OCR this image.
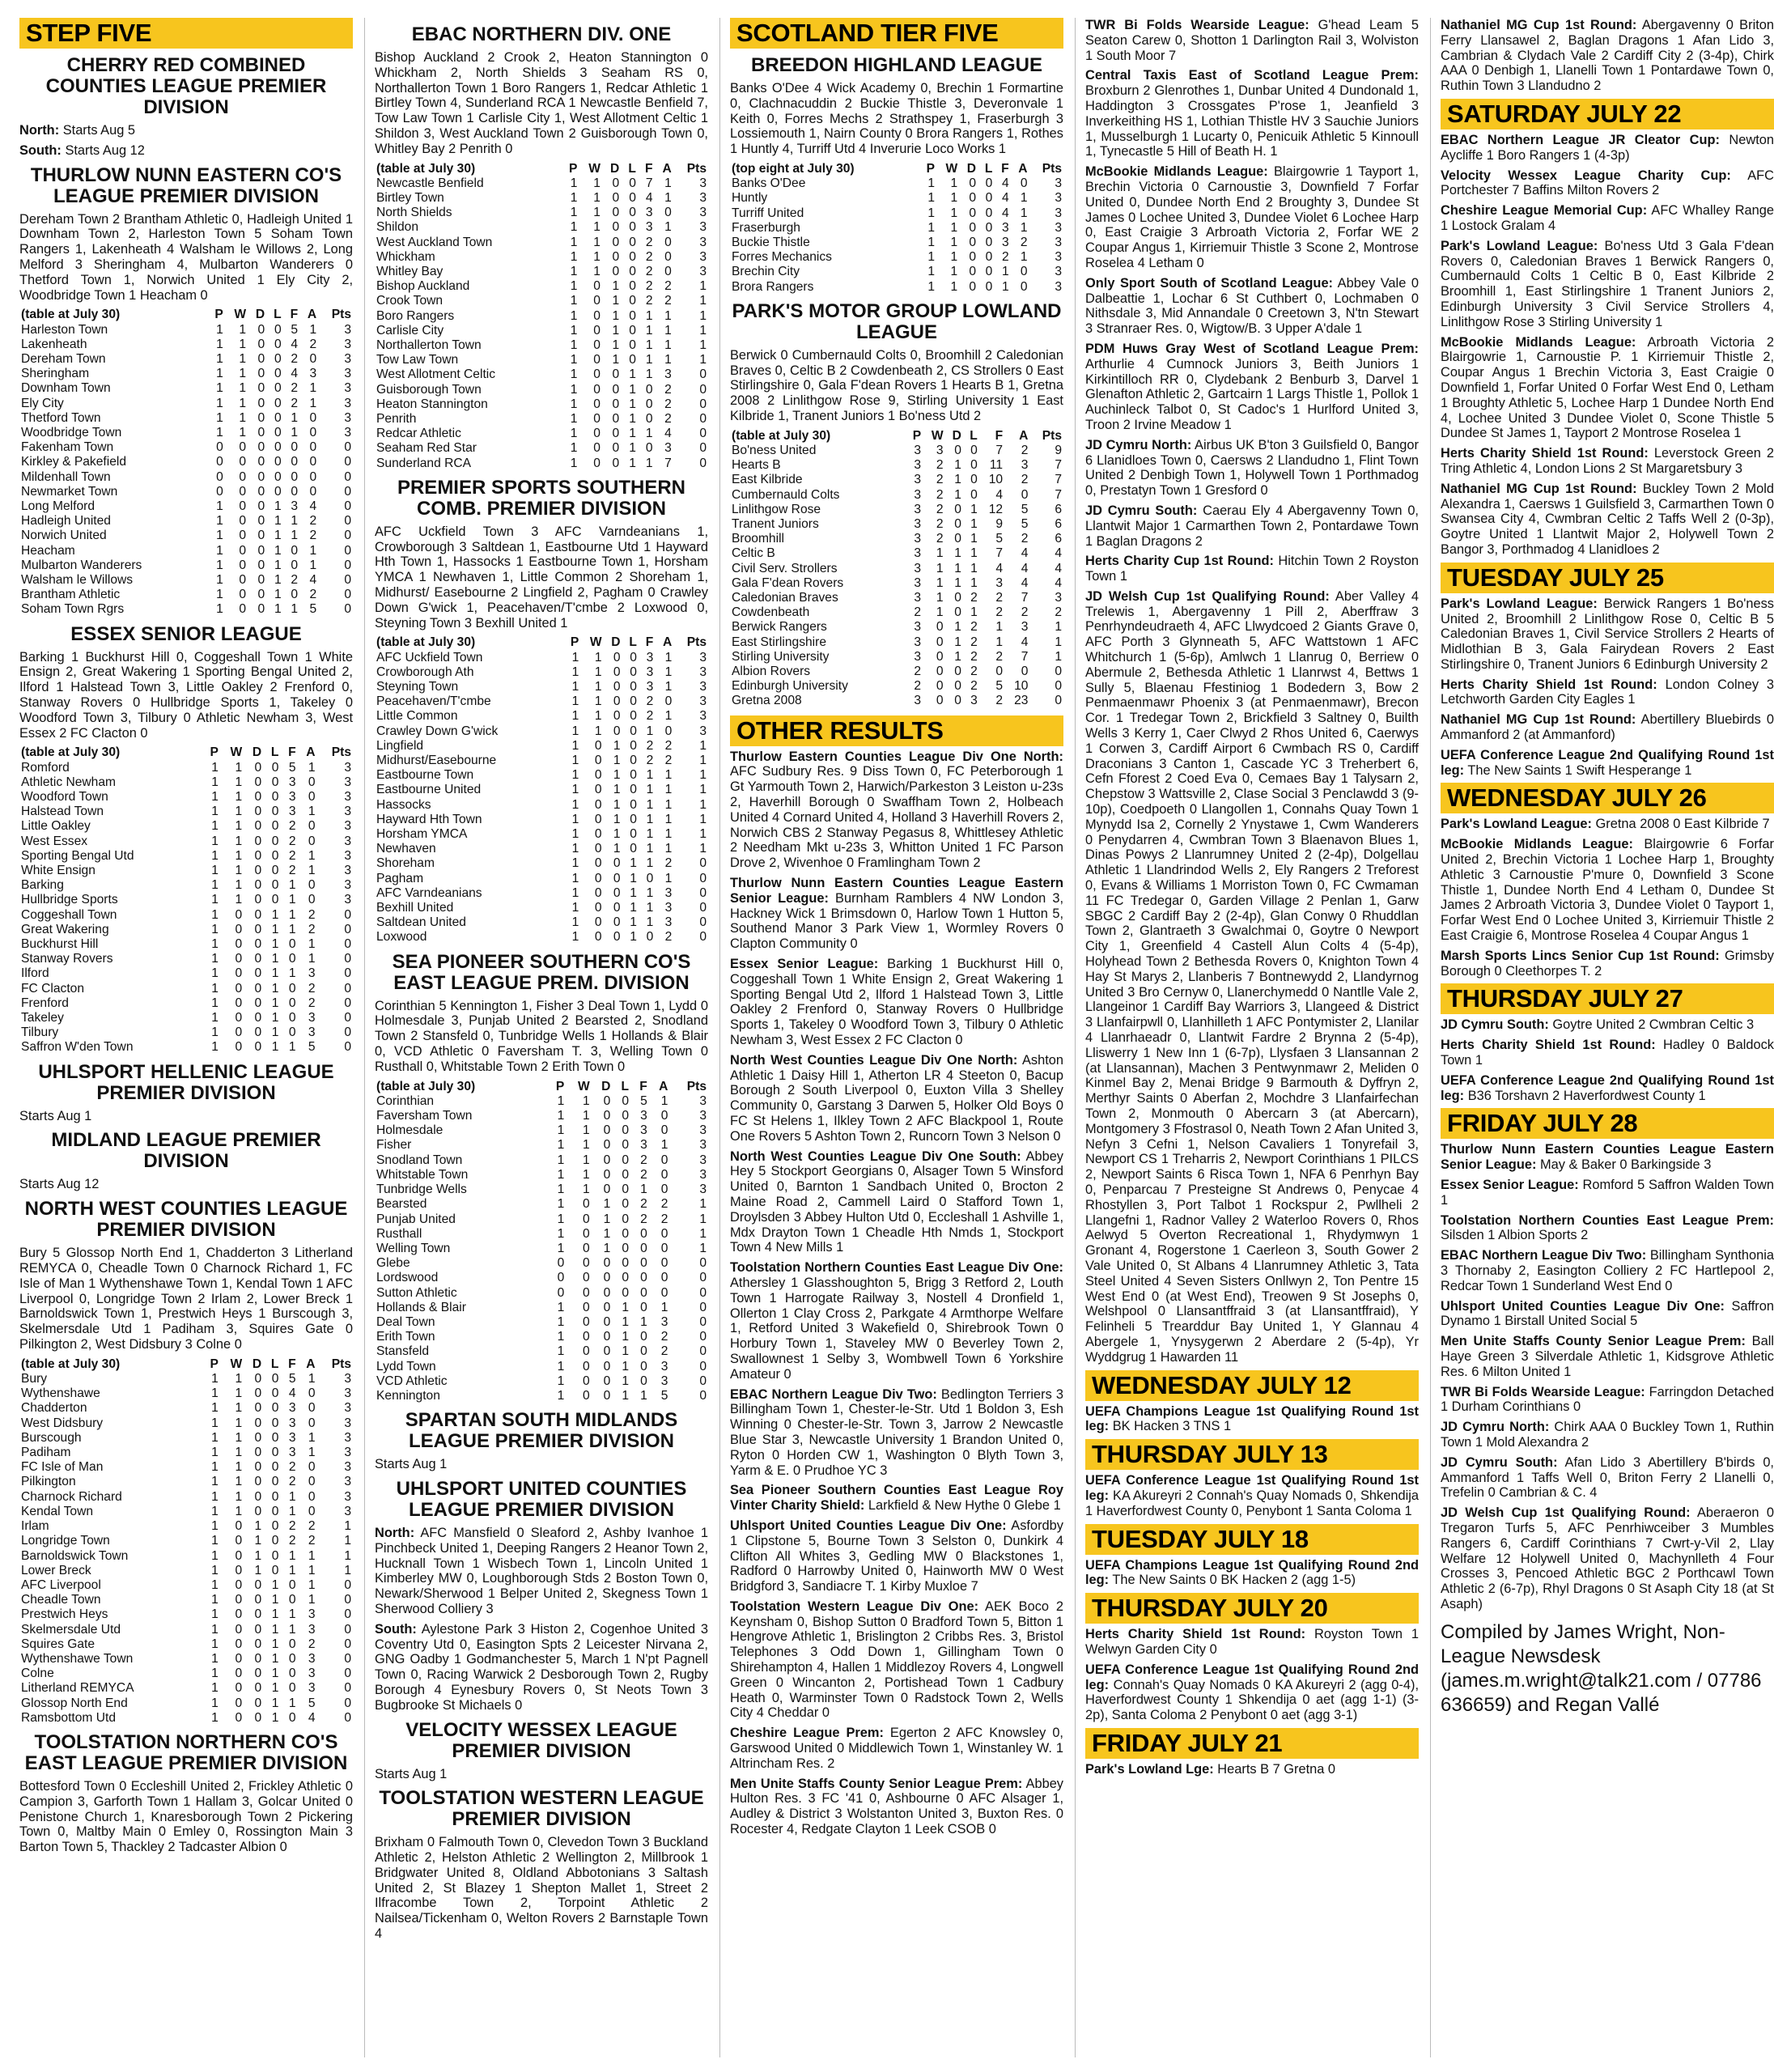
STEP FIVE
CHERRY RED COMBINED COUNTIES LEAGUE PREMIER DIVISION
North: Starts Aug 5
South: Starts Aug 12
THURLOW NUNN EASTERN CO'S LEAGUE PREMIER DIVISION
Dereham Town 2 Brantham Athletic 0, Hadleigh United 1 Downham Town 2, Harleston Town 5 Soham Town Rangers 1, Lakenheath 4 Walsham le Willows 2, Long Melford 3 Sheringham 4, Mulbarton Wanderers 0 Thetford Town 1, Norwich United 1 Ely City 2, Woodbridge Town 1 Heacham 0
(table at July 30)	P	W	D	L	F	A	Pts
Harleston Town	1	1	0	0	5	1	3
Lakenheath	1	1	0	0	4	2	3
Dereham Town	1	1	0	0	2	0	3
Sheringham	1	1	0	0	4	3	3
Downham Town	1	1	0	0	2	1	3
Ely City	1	1	0	0	2	1	3
Thetford Town	1	1	0	0	1	0	3
Woodbridge Town	1	1	0	0	1	0	3
Fakenham Town	0	0	0	0	0	0	0
Kirkley & Pakefield	0	0	0	0	0	0	0
Mildenhall Town	0	0	0	0	0	0	0
Newmarket Town	0	0	0	0	0	0	0
Long Melford	1	0	0	1	3	4	0
Hadleigh United	1	0	0	1	1	2	0
Norwich United	1	0	0	1	1	2	0
Heacham	1	0	0	1	0	1	0
Mulbarton Wanderers	1	0	0	1	0	1	0
Walsham le Willows	1	0	0	1	2	4	0
Brantham Athletic	1	0	0	1	0	2	0
Soham Town Rgrs	1	0	0	1	1	5	0
ESSEX SENIOR LEAGUE
Barking 1 Buckhurst Hill 0, Coggeshall Town 1 White Ensign 2, Great Wakering 1 Sporting Bengal United 2, Ilford 1 Halstead Town 3, Little Oakley 2 Frenford 0, Stanway Rovers 0 Hullbridge Sports 1, Takeley 0 Woodford Town 3, Tilbury 0 Athletic Newham 3, West Essex 2 FC Clacton 0
(table at July 30)	P	W	D	L	F	A	Pts
Romford	1	1	0	0	5	1	3
Athletic Newham	1	1	0	0	3	0	3
Woodford Town	1	1	0	0	3	0	3
Halstead Town	1	1	0	0	3	1	3
Little Oakley	1	1	0	0	2	0	3
West Essex	1	1	0	0	2	0	3
Sporting Bengal Utd	1	1	0	0	2	1	3
White Ensign	1	1	0	0	2	1	3
Barking	1	1	0	0	1	0	3
Hullbridge Sports	1	1	0	0	1	0	3
Coggeshall Town	1	0	0	1	1	2	0
Great Wakering	1	0	0	1	1	2	0
Buckhurst Hill	1	0	0	1	0	1	0
Stanway Rovers	1	0	0	1	0	1	0
Ilford	1	0	0	1	1	3	0
FC Clacton	1	0	0	1	0	2	0
Frenford	1	0	0	1	0	2	0
Takeley	1	0	0	1	0	3	0
Tilbury	1	0	0	1	0	3	0
Saffron W'den Town	1	0	0	1	1	5	0
UHLSPORT HELLENIC LEAGUE PREMIER DIVISION
Starts Aug 1
MIDLAND LEAGUE PREMIER DIVISION
Starts Aug 12
NORTH WEST COUNTIES LEAGUE PREMIER DIVISION
Bury 5 Glossop North End 1, Chadderton 3 Litherland REMYCA 0, Cheadle Town 0 Charnock Richard 1, FC Isle of Man 1 Wythenshawe Town 1, Kendal Town 1 AFC Liverpool 0, Longridge Town 2 Irlam 2, Lower Breck 1 Barnoldswick Town 1, Prestwich Heys 1 Burscough 3, Skelmersdale Utd 1 Padiham 3, Squires Gate 0 Pilkington 2, West Didsbury 3 Colne 0
(table at July 30)	P	W	D	L	F	A	Pts
Bury	1	1	0	0	5	1	3
Wythenshawe	1	1	0	0	4	0	3
Chadderton	1	1	0	0	3	0	3
West Didsbury	1	1	0	0	3	0	3
Burscough	1	1	0	0	3	1	3
Padiham	1	1	0	0	3	1	3
FC Isle of Man	1	1	0	0	2	0	3
Pilkington	1	1	0	0	2	0	3
Charnock Richard	1	1	0	0	1	0	3
Kendal Town	1	1	0	0	1	0	3
Irlam	1	0	1	0	2	2	1
Longridge Town	1	0	1	0	2	2	1
Barnoldswick Town	1	0	1	0	1	1	1
Lower Breck	1	0	1	0	1	1	1
AFC Liverpool	1	0	0	1	0	1	0
Cheadle Town	1	0	0	1	0	1	0
Prestwich Heys	1	0	0	1	1	3	0
Skelmersdale Utd	1	0	0	1	1	3	0
Squires Gate	1	0	0	1	0	2	0
Wythenshawe Town	1	0	0	1	0	3	0
Colne	1	0	0	1	0	3	0
Litherland REMYCA	1	0	0	1	0	3	0
Glossop North End	1	0	0	1	1	5	0
Ramsbottom Utd	1	0	0	1	0	4	0
TOOLSTATION NORTHERN CO'S EAST LEAGUE PREMIER DIVISION
Bottesford Town 0 Eccleshill United 2, Frickley Athletic 0 Campion 3, Garforth Town 1 Hallam 3, Golcar United 0 Penistone Church 1, Knaresborough Town 2 Pickering Town 0, Maltby Main 0 Emley 0, Rossington Main 3 Barton Town 5, Thackley 2 Tadcaster Albion 0
EBAC NORTHERN DIV. ONE
Bishop Auckland 2 Crook 2, Heaton Stannington 0 Whickham 2, North Shields 3 Seaham RS 0, Northallerton Town 1 Boro Rangers 1, Redcar Athletic 1 Birtley Town 4, Sunderland RCA 1 Newcastle Benfield 7, Tow Law Town 1 Carlisle City 1, West Allotment Celtic 1 Shildon 3, West Auckland Town 2 Guisborough Town 0, Whitley Bay 2 Penrith 0
(table at July 30)	P	W	D	L	F	A	Pts
Newcastle Benfield	1	1	0	0	7	1	3
Birtley Town	1	1	0	0	4	1	3
North Shields	1	1	0	0	3	0	3
Shildon	1	1	0	0	3	1	3
West Auckland Town	1	1	0	0	2	0	3
Whickham	1	1	0	0	2	0	3
Whitley Bay	1	1	0	0	2	0	3
Bishop Auckland	1	0	1	0	2	2	1
Crook Town	1	0	1	0	2	2	1
Boro Rangers	1	0	1	0	1	1	1
Carlisle City	1	0	1	0	1	1	1
Northallerton Town	1	0	1	0	1	1	1
Tow Law Town	1	0	1	0	1	1	1
West Allotment Celtic	1	0	0	1	1	3	0
Guisborough Town	1	0	0	1	0	2	0
Heaton Stannington	1	0	0	1	0	2	0
Penrith	1	0	0	1	0	2	0
Redcar Athletic	1	0	0	1	1	4	0
Seaham Red Star	1	0	0	1	0	3	0
Sunderland RCA	1	0	0	1	1	7	0
PREMIER SPORTS SOUTHERN COMB. PREMIER DIVISION
AFC Uckfield Town 3 AFC Varndeanians 1, Crowborough 3 Saltdean 1, Eastbourne Utd 1 Hayward Hth Town 1, Hassocks 1 Eastbourne Town 1, Horsham YMCA 1 Newhaven 1, Little Common 2 Shoreham 1, Midhurst/ Easebourne 2 Lingfield 2, Pagham 0 Crawley Down G'wick 1, Peacehaven/T'cmbe 2 Loxwood 0, Steyning Town 3 Bexhill United 1
(table at July 30)	P	W	D	L	F	A	Pts
AFC Uckfield Town	1	1	0	0	3	1	3
Crowborough Ath	1	1	0	0	3	1	3
Steyning Town	1	1	0	0	3	1	3
Peacehaven/T'cmbe	1	1	0	0	2	0	3
Little Common	1	1	0	0	2	1	3
Crawley Down G'wick	1	1	0	0	1	0	3
Lingfield	1	0	1	0	2	2	1
Midhurst/Easebourne	1	0	1	0	2	2	1
Eastbourne Town	1	0	1	0	1	1	1
Eastbourne United	1	0	1	0	1	1	1
Hassocks	1	0	1	0	1	1	1
Hayward Hth Town	1	0	1	0	1	1	1
Horsham YMCA	1	0	1	0	1	1	1
Newhaven	1	0	1	0	1	1	1
Shoreham	1	0	0	1	1	2	0
Pagham	1	0	0	1	0	1	0
AFC Varndeanians	1	0	0	1	1	3	0
Bexhill United	1	0	0	1	1	3	0
Saltdean United	1	0	0	1	1	3	0
Loxwood	1	0	0	1	0	2	0
SEA PIONEER SOUTHERN CO'S EAST LEAGUE PREM. DIVISION
Corinthian 5 Kennington 1, Fisher 3 Deal Town 1, Lydd 0 Holmesdale 3, Punjab United 2 Bearsted 2, Snodland Town 2 Stansfeld 0, Tunbridge Wells 1 Hollands & Blair 0, VCD Athletic 0 Faversham T. 3, Welling Town 0 Rusthall 0, Whitstable Town 2 Erith Town 0
(table at July 30)	P	W	D	L	F	A	Pts
Corinthian	1	1	0	0	5	1	3
Faversham Town	1	1	0	0	3	0	3
Holmesdale	1	1	0	0	3	0	3
Fisher	1	1	0	0	3	1	3
Snodland Town	1	1	0	0	2	0	3
Whitstable Town	1	1	0	0	2	0	3
Tunbridge Wells	1	1	0	0	1	0	3
Bearsted	1	0	1	0	2	2	1
Punjab United	1	0	1	0	2	2	1
Rusthall	1	0	1	0	0	0	1
Welling Town	1	0	1	0	0	0	1
Glebe	0	0	0	0	0	0	0
Lordswood	0	0	0	0	0	0	0
Sutton Athletic	0	0	0	0	0	0	0
Hollands & Blair	1	0	0	1	0	1	0
Deal Town	1	0	0	1	1	3	0
Erith Town	1	0	0	1	0	2	0
Stansfeld	1	0	0	1	0	2	0
Lydd Town	1	0	0	1	0	3	0
VCD Athletic	1	0	0	1	0	3	0
Kennington	1	0	0	1	1	5	0
SPARTAN SOUTH MIDLANDS LEAGUE PREMIER DIVISION
Starts Aug 1
UHLSPORT UNITED COUNTIES LEAGUE PREMIER DIVISION
North: AFC Mansfield 0 Sleaford 2, Ashby Ivanhoe 1 Pinchbeck United 1, Deeping Rangers 2 Heanor Town 2, Hucknall Town 1 Wisbech Town 1, Lincoln United 1 Kimberley MW 0, Loughborough Stds 2 Boston Town 0, Newark/Sherwood 1 Belper United 2, Skegness Town 1 Sherwood Colliery 3
South: Aylestone Park 3 Histon 2, Cogenhoe United 3 Coventry Utd 0, Easington Spts 2 Leicester Nirvana 2, GNG Oadby 1 Godmanchester 5, March 1 N'pt Pagnell Town 0, Racing Warwick 2 Desborough Town 2, Rugby Borough 4 Eynesbury Rovers 0, St Neots Town 3 Bugbrooke St Michaels 0
VELOCITY WESSEX LEAGUE PREMIER DIVISION
Starts Aug 1
TOOLSTATION WESTERN LEAGUE PREMIER DIVISION
Brixham 0 Falmouth Town 0, Clevedon Town 3 Buckland Athletic 2, Helston Athletic 2 Wellington 2, Millbrook 1 Bridgwater United 8, Oldland Abbotonians 3 Saltash United 2, St Blazey 1 Shepton Mallet 1, Street 2 Ilfracombe Town 2, Torpoint Athletic 2 Nailsea/Tickenham 0, Welton Rovers 2 Barnstaple Town 4
SCOTLAND TIER FIVE
BREEDON HIGHLAND LEAGUE
Banks O'Dee 4 Wick Academy 0, Brechin 1 Formartine 0, Clachnacuddin 2 Buckie Thistle 3, Deveronvale 1 Keith 0, Forres Mechs 2 Strathspey 1, Fraserburgh 3 Lossiemouth 1, Nairn County 0 Brora Rangers 1, Rothes 1 Huntly 4, Turriff Utd 4 Inverurie Loco Works 1
(top eight at July 30)	P	W	D	L	F	A	Pts
Banks O'Dee	1	1	0	0	4	0	3
Huntly	1	1	0	0	4	1	3
Turriff United	1	1	0	0	4	1	3
Fraserburgh	1	1	0	0	3	1	3
Buckie Thistle	1	1	0	0	3	2	3
Forres Mechanics	1	1	0	0	2	1	3
Brechin City	1	1	0	0	1	0	3
Brora Rangers	1	1	0	0	1	0	3
PARK'S MOTOR GROUP LOWLAND LEAGUE
Berwick 0 Cumbernauld Colts 0, Broomhill 2 Caledonian Braves 0, Celtic B 2 Cowdenbeath 2, CS Strollers 0 East Stirlingshire 0, Gala F'dean Rovers 1 Hearts B 1, Gretna 2008 2 Linlithgow Rose 9, Stirling University 1 East Kilbride 1, Tranent Juniors 1 Bo'ness Utd 2
(table at July 30)	P	W	D	L	F	A	Pts
Bo'ness United	3	3	0	0	7	2	9
Hearts B	3	2	1	0	11	3	7
East Kilbride	3	2	1	0	10	2	7
Cumbernauld Colts	3	2	1	0	4	0	7
Linlithgow Rose	3	2	0	1	12	5	6
Tranent Juniors	3	2	0	1	9	5	6
Broomhill	3	2	0	1	5	2	6
Celtic B	3	1	1	1	7	4	4
Civil Serv. Strollers	3	1	1	1	4	4	4
Gala F'dean Rovers	3	1	1	1	3	4	4
Caledonian Braves	3	1	0	2	2	7	3
Cowdenbeath	2	1	0	1	2	2	2
Berwick Rangers	3	0	1	2	1	3	1
East Stirlingshire	3	0	1	2	1	4	1
Stirling University	3	0	1	2	2	7	1
Albion Rovers	2	0	0	2	0	0	0
Edinburgh University	2	0	0	2	5	10	0
Gretna 2008	3	0	0	3	2	23	0
OTHER RESULTS
Thurlow Eastern Counties League Div One North: AFC Sudbury Res. 9 Diss Town 0, FC Peterborough 1 Gt Yarmouth Town 2, Harwich/Parkeston 3 Leiston u-23s 2, Haverhill Borough 0 Swaffham Town 2, Holbeach United 4 Cornard United 4, Holland 3 Haverhill Rovers 2, Norwich CBS 2 Stanway Pegasus 8, Whittlesey Athletic 2 Needham Mkt u-23s 3, Whitton United 1 FC Parson Drove 2, Wivenhoe 0 Framlingham Town 2
Thurlow Nunn Eastern Counties League Eastern Senior League: Burnham Ramblers 4 NW London 3, Hackney Wick 1 Brimsdown 0, Harlow Town 1 Hutton 5, Southend Manor 3 Park View 1, Wormley Rovers 0 Clapton Community 0
Essex Senior League: Barking 1 Buckhurst Hill 0, Coggeshall Town 1 White Ensign 2, Great Wakering 1 Sporting Bengal Utd 2, Ilford 1 Halstead Town 3, Little Oakley 2 Frenford 0, Stanway Rovers 0 Hullbridge Sports 1, Takeley 0 Woodford Town 3, Tilbury 0 Athletic Newham 3, West Essex 2 FC Clacton 0
North West Counties League Div One North: Ashton Athletic 1 Daisy Hill 1, Atherton LR 4 Steeton 0, Bacup Borough 2 South Liverpool 0, Euxton Villa 3 Shelley Community 0, Garstang 3 Darwen 5, Holker Old Boys 0 FC St Helens 1, Ilkley Town 2 AFC Blackpool 1, Route One Rovers 5 Ashton Town 2, Runcorn Town 3 Nelson 0
North West Counties League Div One South: Abbey Hey 5 Stockport Georgians 0, Alsager Town 5 Winsford United 0, Barnton 1 Sandbach United 0, Brocton 2 Maine Road 2, Cammell Laird 0 Stafford Town 1, Droylsden 3 Abbey Hulton Utd 0, Eccleshall 1 Ashville 1, Mdx Drayton Town 1 Cheadle Hth Nmds 1, Stockport Town 4 New Mills 1
Toolstation Northern Counties East League Div One: Athersley 1 Glasshoughton 5, Brigg 3 Retford 2, Louth Town 1 Harrogate Railway 3, Nostell 4 Dronfield 1, Ollerton 1 Clay Cross 2, Parkgate 4 Armthorpe Welfare 1, Retford United 3 Wakefield 0, Shirebrook Town 0 Horbury Town 1, Staveley MW 0 Beverley Town 2, Swallownest 1 Selby 3, Wombwell Town 6 Yorkshire Amateur 0
EBAC Northern League Div Two: Bedlington Terriers 3 Billingham Town 1, Chester-le-Str. Utd 1 Boldon 3, Esh Winning 0 Chester-le-Str. Town 3, Jarrow 2 Newcastle Blue Star 3, Newcastle University 1 Brandon United 0, Ryton 0 Horden CW 1, Washington 0 Blyth Town 3, Yarm & E. 0 Prudhoe YC 3
Sea Pioneer Southern Counties East League Roy Vinter Charity Shield: Larkfield & New Hythe 0 Glebe 1
Uhlsport United Counties League Div One: Asfordby 1 Clipstone 5, Bourne Town 3 Selston 0, Dunkirk 4 Clifton All Whites 3, Gedling MW 0 Blackstones 1, Radford 0 Harrowby United 0, Hainworth MW 0 West Bridgford 3, Sandiacre T. 1 Kirby Muxloe 7
Toolstation Western League Div One: AEK Boco 2 Keynsham 0, Bishop Sutton 0 Bradford Town 5, Bitton 1 Hengrove Athletic 1, Brislington 2 Cribbs Res. 3, Bristol Telephones 3 Odd Down 1, Gillingham Town 0 Shirehampton 4, Hallen 1 Middlezoy Rovers 4, Longwell Green 0 Wincanton 2, Portishead Town 1 Cadbury Heath 0, Warminster Town 0 Radstock Town 2, Wells City 4 Cheddar 0
Cheshire League Prem: Egerton 2 AFC Knowsley 0, Garswood United 0 Middlewich Town 1, Winstanley W. 1 Altrincham Res. 2
Men Unite Staffs County Senior League Prem: Abbey Hulton Res. 3 FC '41 0, Ashbourne 0 AFC Alsager 1, Audley & District 3 Wolstanton United 3, Buxton Res. 0 Rocester 4, Redgate Clayton 1 Leek CSOB 0
TWR Bi Folds Wearside League: G'head Leam 5 Seaton Carew 0, Shotton 1 Darlington Rail 3, Wolviston 1 South Moor 7
Central Taxis East of Scotland League Prem: Broxburn 2 Glenrothes 1, Dunbar United 4 Dundonald 1, Haddington 3 Crossgates P'rose 1, Jeanfield 3 Inverkeithing HS 1, Lothian Thistle HV 3 Sauchie Juniors 1, Musselburgh 1 Lucarty 0, Penicuik Athletic 5 Kinnoull 1, Tynecastle 5 Hill of Beath H. 1
McBookie Midlands League: Blairgowrie 1 Tayport 1, Brechin Victoria 0 Carnoustie 3, Downfield 7 Forfar United 0, Dundee North End 2 Broughty 3, Dundee St James 0 Lochee United 3, Dundee Violet 6 Lochee Harp 0, East Craigie 3 Arbroath Victoria 2, Forfar WE 2 Coupar Angus 1, Kirriemuir Thistle 3 Scone 2, Montrose Roselea 4 Letham 0
Only Sport South of Scotland League: Abbey Vale 0 Dalbeattie 1, Lochar 6 St Cuthbert 0, Lochmaben 0 Nithsdale 3, Mid Annandale 0 Creetown 3, N'tn Stewart 3 Stranraer Res. 0, Wigtow/B. 3 Upper A'dale 1
PDM Huws Gray West of Scotland League Prem: Arthurlie 4 Cumnock Juniors 3, Beith Juniors 1 Kirkintilloch RR 0, Clydebank 2 Benburb 3, Darvel 1 Glenafton Athletic 2, Gartcairn 1 Largs Thistle 1, Pollok 1 Auchinleck Talbot 0, St Cadoc's 1 Hurlford United 3, Troon 2 Irvine Meadow 1
JD Cymru North: Airbus UK B'ton 3 Guilsfield 0, Bangor 6 Llanidloes Town 0, Caersws 2 Llandudno 1, Flint Town United 2 Denbigh Town 1, Holywell Town 1 Porthmadog 0, Prestatyn Town 1 Gresford 0
JD Cymru South: Caerau Ely 4 Abergavenny Town 0, Llantwit Major 1 Carmarthen Town 2, Pontardawe Town 1 Baglan Dragons 2
Herts Charity Cup 1st Round: Hitchin Town 2 Royston Town 1
JD Welsh Cup 1st Qualifying Round: Aber Valley 4 Trelewis 1, Abergavenny 1 Pill 2, Aberffraw 3 Penrhyndeudraeth 4, AFC Llwydcoed 2 Giants Grave 0, AFC Porth 3 Glynneath 5, AFC Wattstown 1 AFC Whitchurch 1 (5-6p), Amlwch 1 Llanrug 0, Berriew 0 Abermule 2, Bethesda Athletic 1 Llanrwst 4, Bettws 1 Sully 5, Blaenau Ffestiniog 1 Bodedern 3, Bow 2 Penmaenmawr Phoenix 3 (at Penmaenmawr), Brecon Cor. 1 Tredegar Town 2, Brickfield 3 Saltney 0, Builth Wells 3 Kerry 1, Caer Clwyd 2 Rhos United 6, Caerwys 1 Corwen 3, Cardiff Airport 6 Cwmbach RS 0, Cardiff Draconians 3 Canton 1, Cascade YC 3 Treherbert 6, Cefn Fforest 2 Coed Eva 0, Cemaes Bay 1 Talysarn 2, Chepstow 3 Wattsville 2, Clase Social 3 Penclawdd 3 (9-10p), Coedpoeth 0 Llangollen 1, Connahs Quay Town 1 Mynydd Isa 2, Cornelly 2 Ynystawe 1, Cwm Wanderers 0 Penydarren 4, Cwmbran Town 3 Blaenavon Blues 1, Dinas Powys 2 Llanrumney United 2 (2-4p), Dolgellau Athletic 1 Llandrindod Wells 2, Ely Rangers 2 Treforest 0, Evans & Williams 1 Morriston Town 0, FC Cwmaman 11 FC Tredegar 0, Garden Village 2 Penlan 1, Garw SBGC 2 Cardiff Bay 2 (2-4p), Glan Conwy 0 Rhuddlan Town 2, Glantraeth 3 Gwalchmai 0, Goytre 0 Newport City 1, Greenfield 4 Castell Alun Colts 4 (5-4p), Holyhead Town 2 Bethesda Rovers 0, Knighton Town 4 Hay St Marys 2, Llanberis 7 Bontnewydd 2, Llandyrnog United 3 Bro Cernyw 0, Llanerchymedd 0 Nantlle Vale 2, Llangeinor 1 Cardiff Bay Warriors 3, Llangeed & District 3 Llanfairpwll 0, Llanhilleth 1 AFC Pontymister 2, Llanilar 4 Llanrhaeadr 0, Llantwit Fardre 2 Brynna 2 (5-4p), Lliswerry 1 New Inn 1 (6-7p), Llysfaen 3 Llansannan 2 (at Llansannan), Machen 3 Pentwynmawr 2, Meliden 0 Kinmel Bay 2, Menai Bridge 9 Barmouth & Dyffryn 2, Merthyr Saints 0 Aberfan 2, Mochdre 3 Llanfairfechan Town 2, Monmouth 0 Abercarn 3 (at Abercarn), Montgomery 3 Ffostrasol 0, Neath Town 2 Afan United 3, Nefyn 3 Cefni 1, Nelson Cavaliers 1 Tonyrefail 3, Newport CS 1 Treharris 2, Newport Corinthians 1 PILCS 2, Newport Saints 6 Risca Town 1, NFA 6 Penrhyn Bay 0, Penparcau 7 Presteigne St Andrews 0, Penycae 4 Rhostyllen 3, Port Talbot 1 Rockspur 2, Pwllheli 2 Llangefni 1, Radnor Valley 2 Waterloo Rovers 0, Rhos Aelwyd 5 Overton Recreational 1, Rhydymwyn 1 Gronant 4, Rogerstone 1 Caerleon 3, South Gower 2 Vale United 0, St Albans 4 Llanrumney Athletic 3, Tata Steel United 4 Seven Sisters Onllwyn 2, Ton Pentre 15 West End 0 (at West End), Treowen 9 St Josephs 0, Welshpool 0 Llansantffraid 3 (at Llansantffraid), Y Felinheli 5 Trearddur Bay United 1, Y Glannau 4 Abergele 1, Ynysygerwn 2 Aberdare 2 (5-4p), Yr Wyddgrug 1 Hawarden 11
WEDNESDAY JULY 12
UEFA Champions League 1st Qualifying Round 1st leg: BK Hacken 3 TNS 1
THURSDAY JULY 13
UEFA Conference League 1st Qualifying Round 1st leg: KA Akureyri 2 Connah's Quay Nomads 0, Shkendija 1 Haverfordwest County 0, Penybont 1 Santa Coloma 1
TUESDAY JULY 18
UEFA Champions League 1st Qualifying Round 2nd leg: The New Saints 0 BK Hacken 2 (agg 1-5)
THURSDAY JULY 20
Herts Charity Shield 1st Round: Royston Town 1 Welwyn Garden City 0
UEFA Conference League 1st Qualifying Round 2nd leg: Connah's Quay Nomads 0 KA Akureyri 2 (agg 0-4), Haverfordwest County 1 Shkendija 0 aet (agg 1-1) (3-2p), Santa Coloma 2 Penybont 0 aet (agg 3-1)
FRIDAY JULY 21
Park's Lowland Lge: Hearts B 7 Gretna 0
Nathaniel MG Cup 1st Round: Abergavenny 0 Briton Ferry Llansawel 2, Baglan Dragons 1 Afan Lido 3, Cambrian & Clydach Vale 2 Cardiff City 2 (3-4p), Chirk AAA 0 Denbigh 1, Llanelli Town 1 Pontardawe Town 0, Ruthin Town 3 Llandudno 2
SATURDAY JULY 22
EBAC Northern League JR Cleator Cup: Newton Aycliffe 1 Boro Rangers 1 (4-3p)
Velocity Wessex League Charity Cup: AFC Portchester 7 Baffins Milton Rovers 2
Cheshire League Memorial Cup: AFC Whalley Range 1 Lostock Gralam 4
Park's Lowland League: Bo'ness Utd 3 Gala F'dean Rovers 0, Caledonian Braves 1 Berwick Rangers 0, Cumbernauld Colts 1 Celtic B 0, East Kilbride 2 Broomhill 1, East Stirlingshire 1 Tranent Juniors 2, Edinburgh University 3 Civil Service Strollers 4, Linlithgow Rose 3 Stirling University 1
McBookie Midlands League: Arbroath Victoria 2 Blairgowrie 1, Carnoustie P. 1 Kirriemuir Thistle 2, Coupar Angus 1 Brechin Victoria 3, East Craigie 0 Downfield 1, Forfar United 0 Forfar West End 0, Letham 1 Broughty Athletic 5, Lochee Harp 1 Dundee North End 4, Lochee United 3 Dundee Violet 0, Scone Thistle 5 Dundee St James 1, Tayport 2 Montrose Roselea 1
Herts Charity Shield 1st Round: Leverstock Green 2 Tring Athletic 4, London Lions 2 St Margaretsbury 3
Nathaniel MG Cup 1st Round: Buckley Town 2 Mold Alexandra 1, Caersws 1 Guilsfield 3, Carmarthen Town 0 Swansea City 4, Cwmbran Celtic 2 Taffs Well 2 (0-3p), Goytre United 1 Llantwit Major 2, Holywell Town 2 Bangor 3, Porthmadog 4 Llanidloes 2
TUESDAY JULY 25
Park's Lowland League: Berwick Rangers 1 Bo'ness United 2, Broomhill 2 Linlithgow Rose 0, Celtic B 5 Caledonian Braves 1, Civil Service Strollers 2 Hearts of Midlothian B 3, Gala Fairydean Rovers 2 East Stirlingshire 0, Tranent Juniors 6 Edinburgh University 2
Herts Charity Shield 1st Round: London Colney 3 Letchworth Garden City Eagles 1
Nathaniel MG Cup 1st Round: Abertillery Bluebirds 0 Ammanford 2 (at Ammanford)
UEFA Conference League 2nd Qualifying Round 1st leg: The New Saints 1 Swift Hesperange 1
WEDNESDAY JULY 26
Park's Lowland League: Gretna 2008 0 East Kilbride 7
McBookie Midlands League: Blairgowrie 6 Forfar United 2, Brechin Victoria 1 Lochee Harp 1, Broughty Athletic 3 Carnoustie P'mure 0, Downfield 3 Scone Thistle 1, Dundee North End 4 Letham 0, Dundee St James 2 Arbroath Victoria 3, Dundee Violet 0 Tayport 1, Forfar West End 0 Lochee United 3, Kirriemuir Thistle 2 East Craigie 6, Montrose Roselea 4 Coupar Angus 1
Marsh Sports Lincs Senior Cup 1st Round: Grimsby Borough 0 Cleethorpes T. 2
THURSDAY JULY 27
JD Cymru South: Goytre United 2 Cwmbran Celtic 3
Herts Charity Shield 1st Round: Hadley 0 Baldock Town 1
UEFA Conference League 2nd Qualifying Round 1st leg: B36 Torshavn 2 Haverfordwest County 1
FRIDAY JULY 28
Thurlow Nunn Eastern Counties League Eastern Senior League: May & Baker 0 Barkingside 3
Essex Senior League: Romford 5 Saffron Walden Town 1
Toolstation Northern Counties East League Prem: Silsden 1 Albion Sports 2
EBAC Northern League Div Two: Billingham Synthonia 3 Thornaby 2, Easington Colliery 2 FC Hartlepool 2, Redcar Town 1 Sunderland West End 0
Uhlsport United Counties League Div One: Saffron Dynamo 1 Birstall United Social 5
Men Unite Staffs County Senior League Prem: Ball Haye Green 3 Silverdale Athletic 1, Kidsgrove Athletic Res. 6 Milton United 1
TWR Bi Folds Wearside League: Farringdon Detached 1 Durham Corinthians 0
JD Cymru North: Chirk AAA 0 Buckley Town 1, Ruthin Town 1 Mold Alexandra 2
JD Cymru South: Afan Lido 3 Abertillery B'birds 0, Ammanford 1 Taffs Well 0, Briton Ferry 2 Llanelli 0, Trefelin 0 Cambrian & C. 4
JD Welsh Cup 1st Qualifying Round: Aberaeron 0 Tregaron Turfs 5, AFC Penrhiwceiber 3 Mumbles Rangers 6, Cardiff Corinthians 7 Cwrt-y-Vil 2, Llay Welfare 12 Holywell United 0, Machynlleth 4 Four Crosses 3, Pencoed Athletic BGC 2 Porthcawl Town Athletic 2 (6-7p), Rhyl Dragons 0 St Asaph City 18 (at St Asaph)
Compiled by James Wright, Non-League Newsdesk (james.m.wright@talk21.com / 07786 636659) and Regan Vallé
